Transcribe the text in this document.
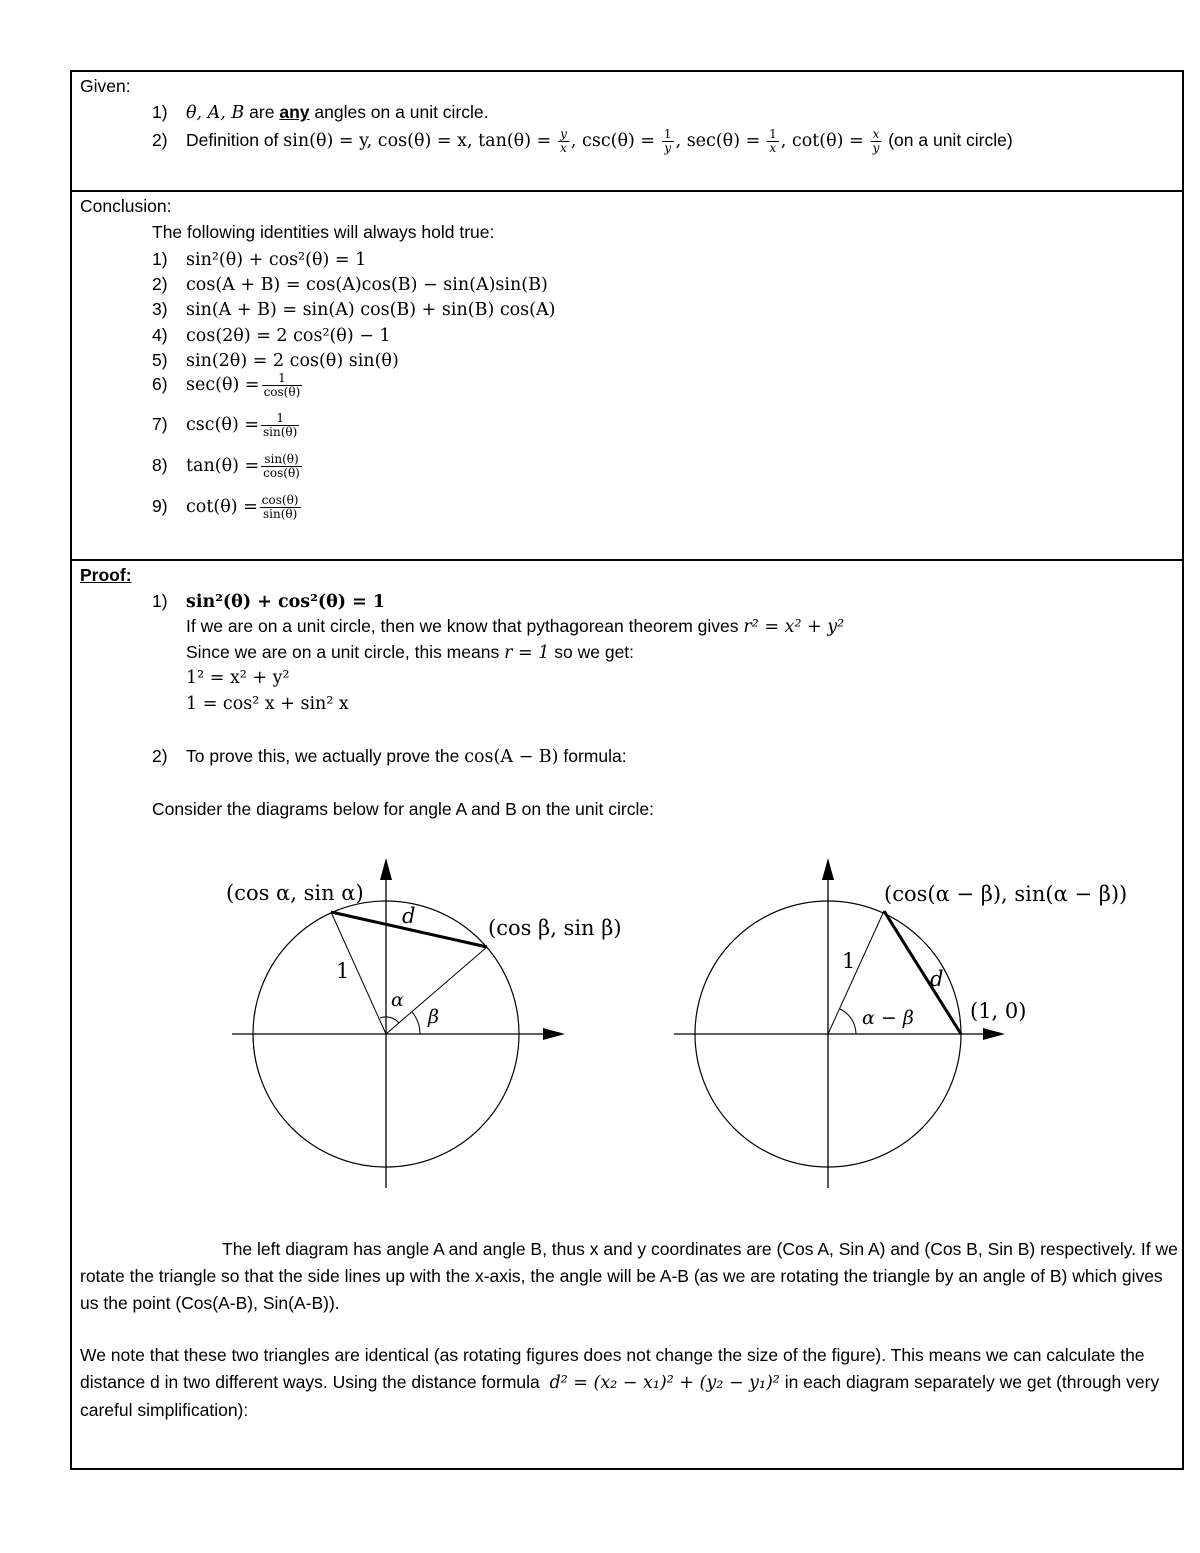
Given:
1) θ, A, B are any angles on a unit circle.
2) Definition of sin(θ) = y, cos(θ) = x, $\tan(\theta) = \frac{y}{x}$ , $\csc(\theta) = \frac{1}{y}$ , $\sec(\theta) = \frac{1}{x}$ , $\cot(\theta) = \frac{x}{y} (on$ a unit circle)
Conclusion:
The following identities will always hold true:
1) sin²(θ) + cos²(θ) = 1
2) cos(A + B) = cos(A)cos(B) − sin(A)sin(B)
3) sin(A + B) = sin(A) cos(B) + sin(B) cos(A)
4) cos(2θ) = 2 cos²(θ) − 1
5) sin(2θ) = 2 cos(θ) sin(θ)
6) $\sec(\theta) = \frac{1}{\cos(\theta)}$
7) $\csc(\theta) = \frac{1}{\sin(\theta)}$
8) $\tan(\theta) = \frac{\sin(\theta)}{\cos(\theta)}$
9) $\cot(\theta) = \frac{\cos(\theta)}{\sin(\theta)}$
Proof:
1) sin²(θ) + cos²(θ) = 1
If we are on a unit circle, then we know that pythagorean theorem gives r² = x² + y²
Since we are on a unit circle, this means r = 1 so we get:
1² = x² + y²
1 = cos² x + sin² x
2) To prove this, we actually prove the cos(A − B) formula:
Consider the diagrams below for angle A and B on the unit circle:
(cos α, sin α)
(cos β, sin β)
d
1
α
β
(cos(α − β), sin(α − β))
(1, 0)
d
1
α − β
The left diagram has angle A and angle B, thus x and y coordinates are (Cos A, Sin A) and (Cos B, Sin B) respectively. If we rotate the triangle so that the side lines up with the x-axis, the angle will be A-B (as we are rotating the triangle by an angle of B) which gives us the point (Cos(A-B), Sin(A-B)).
We note that these two triangles are identical (as rotating figures does not change the size of the figure). This means we can calculate the distance d in two different ways. Using the distance formula d² = (x₂ − x₁)² + (y₂ − y₁)² in each diagram separately we get (through very careful simplification):
